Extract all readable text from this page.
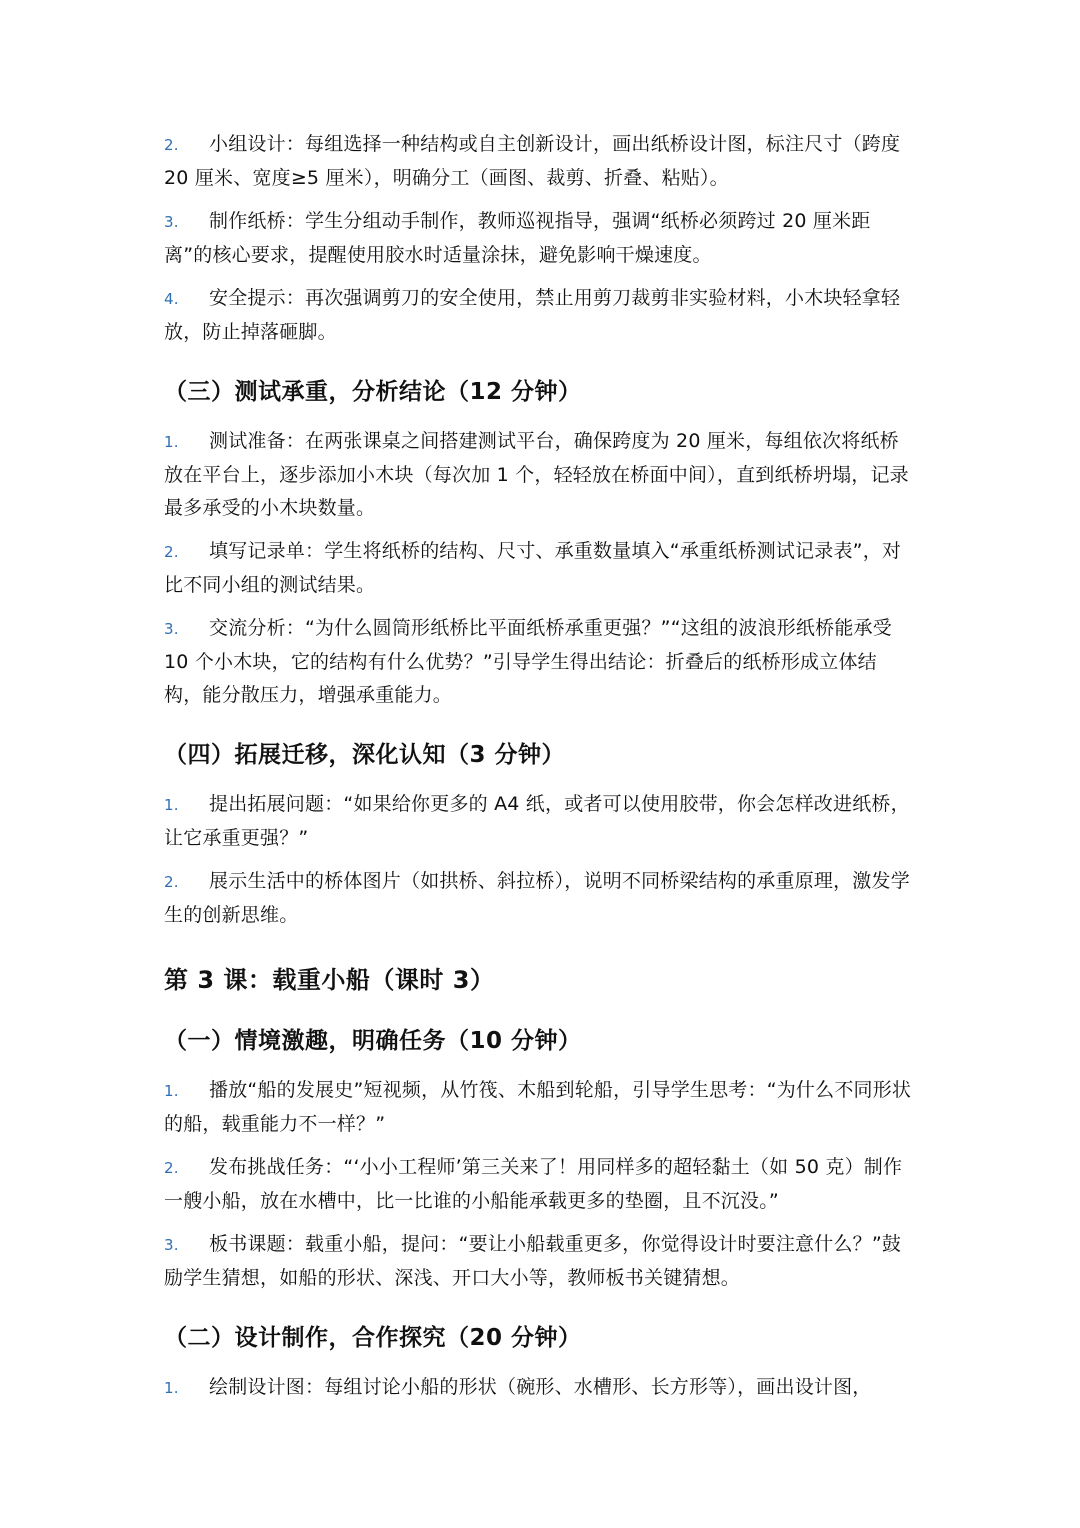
2. 小组设计：每组选择一种结构或自主创新设计，画出纸桥设计图，标注尺寸（跨度 20 厘米、宽度≥5 厘米），明确分工（画图、裁剪、折叠、粘贴）。
3. 制作纸桥：学生分组动手制作，教师巡视指导，强调“纸桥必须跨过 20 厘米距离”的核心要求，提醒使用胶水时适量涂抹，避免影响干燥速度。
4. 安全提示：再次强调剪刀的安全使用，禁止用剪刀裁剪非实验材料，小木块轻拿轻放，防止掉落砸脚。
（三）测试承重，分析结论（12 分钟）
1. 测试准备：在两张课桌之间搭建测试平台，确保跨度为 20 厘米，每组依次将纸桥放在平台上，逐步添加小木块（每次加 1 个，轻轻放在桥面中间），直到纸桥坍塌，记录最多承受的小木块数量。
2. 填写记录单：学生将纸桥的结构、尺寸、承重数量填入“承重纸桥测试记录表”，对比不同小组的测试结果。
3. 交流分析：“为什么圆筒形纸桥比平面纸桥承重更强？”“这组的波浪形纸桥能承受 10 个小木块，它的结构有什么优势？”引导学生得出结论：折叠后的纸桥形成立体结构，能分散压力，增强承重能力。
（四）拓展迁移，深化认知（3 分钟）
1. 提出拓展问题：“如果给你更多的 A4 纸，或者可以使用胶带，你会怎样改进纸桥，让它承重更强？”
2. 展示生活中的桥体图片（如拱桥、斜拉桥），说明不同桥梁结构的承重原理，激发学生的创新思维。
第 3 课：载重小船（课时 3）
（一）情境激趣，明确任务（10 分钟）
1. 播放“船的发展史”短视频，从竹筏、木船到轮船，引导学生思考：“为什么不同形状的船，载重能力不一样？”
2. 发布挑战任务：“‘小小工程师’第三关来了！用同样多的超轻黏土（如 50 克）制作一艘小船，放在水槽中，比一比谁的小船能承载更多的垫圈，且不沉没。”
3. 板书课题：载重小船，提问：“要让小船载重更多，你觉得设计时要注意什么？”鼓励学生猜想，如船的形状、深浅、开口大小等，教师板书关键猜想。
（二）设计制作，合作探究（20 分钟）
1. 绘制设计图：每组讨论小船的形状（碗形、水槽形、长方形等），画出设计图，
